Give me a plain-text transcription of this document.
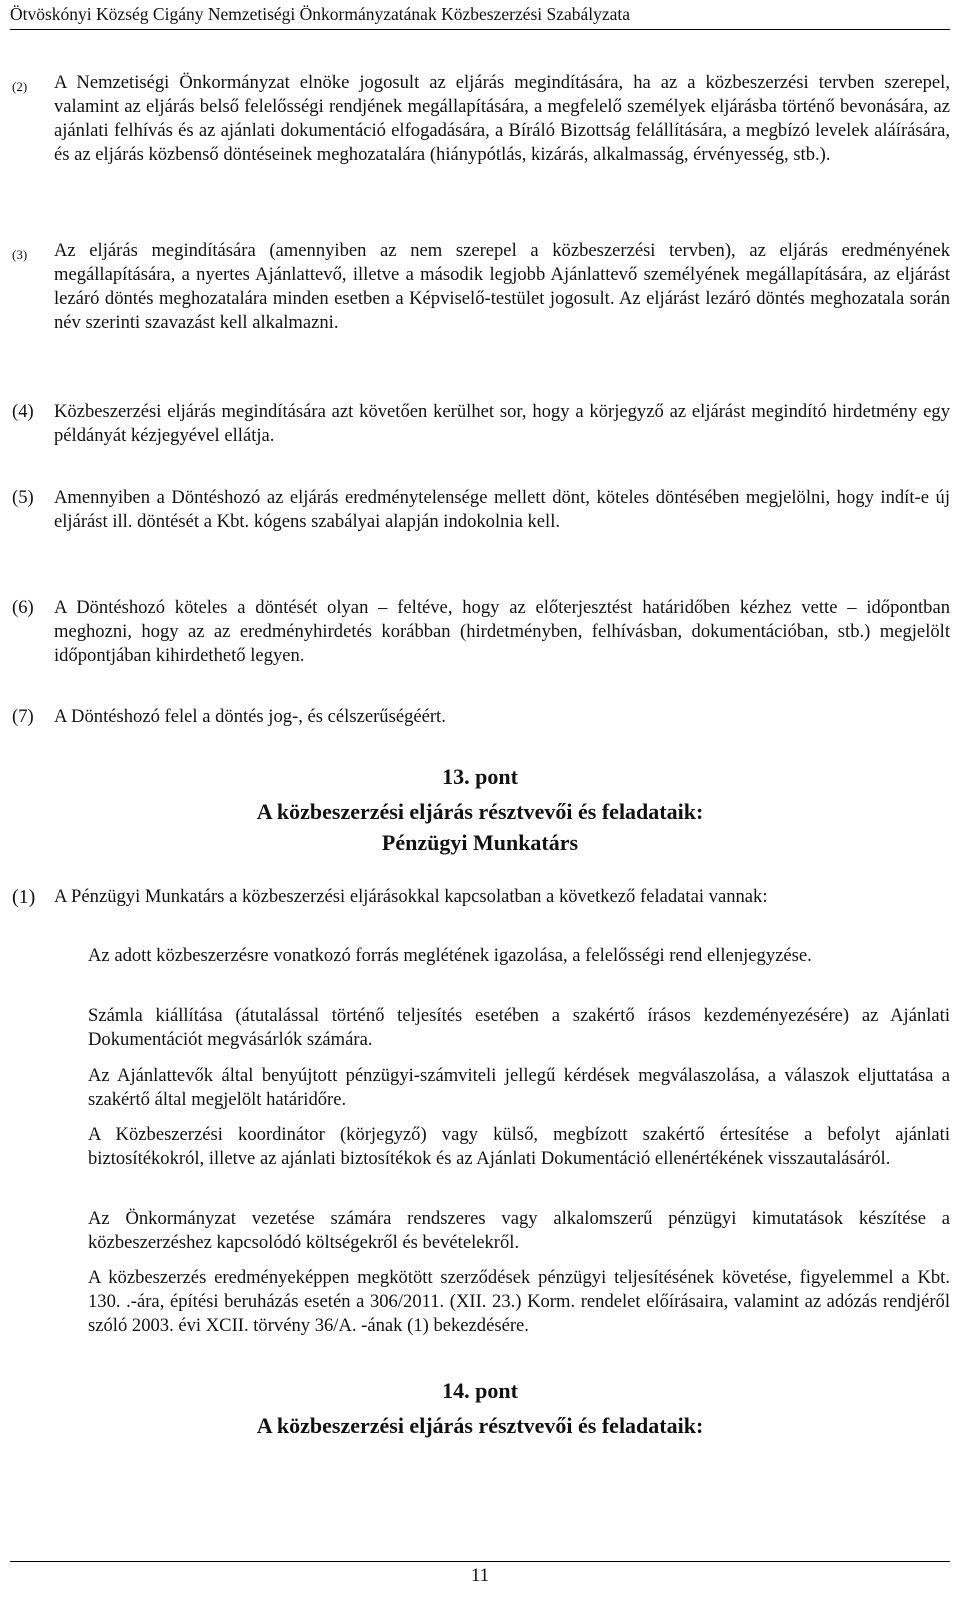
Ötvöskónyi Község Cigány Nemzetiségi Önkormányzatának Közbeszerzési Szabályzata
(2) A Nemzetiségi Önkormányzat elnöke jogosult az eljárás megindítására, ha az a közbeszerzési tervben szerepel, valamint az eljárás belső felelősségi rendjének megállapítására, a megfelelő személyek eljárásba történő bevonására, az ajánlati felhívás és az ajánlati dokumentáció elfogadására, a Bíráló Bizottság felállítására, a megbízó levelek aláírására, és az eljárás közbenső döntéseinek meghozatalára (hiánypótlás, kizárás, alkalmasság, érvényesség, stb.).
(3) Az eljárás megindítására (amennyiben az nem szerepel a közbeszerzési tervben), az eljárás eredményének megállapítására, a nyertes Ajánlattevő, illetve a második legjobb Ajánlattevő személyének megállapítására, az eljárást lezáró döntés meghozatalára minden esetben a Képviselő-testület jogosult. Az eljárást lezáró döntés meghozatala során név szerinti szavazást kell alkalmazni.
(4) Közbeszerzési eljárás megindítására azt követően kerülhet sor, hogy a körjegyző az eljárást megindító hirdetmény egy példányát kézjegyével ellátja.
(5) Amennyiben a Döntéshozó az eljárás eredménytelensége mellett dönt, köteles döntésében megjelölni, hogy indít-e új eljárást ill. döntését a Kbt. kógens szabályai alapján indokolnia kell.
(6) A Döntéshozó köteles a döntését olyan – feltéve, hogy az előterjesztést határidőben kézhez vette – időpontban meghozni, hogy az az eredményhirdetés korábban (hirdetményben, felhívásban, dokumentációban, stb.) megjelölt időpontjában kihirdethető legyen.
(7) A Döntéshozó felel a döntés jog-, és célszerűségéért.
13. pont
A közbeszerzési eljárás résztvevői és feladataik:
Pénzügyi Munkatárs
(1) A Pénzügyi Munkatárs a közbeszerzési eljárásokkal kapcsolatban a következő feladatai vannak:
Az adott közbeszerzésre vonatkozó forrás meglétének igazolása, a felelősségi rend ellenjegyzése.
Számla kiállítása (átutalással történő teljesítés esetében a szakértő írásos kezdeményezésére) az Ajánlati Dokumentációt megvásárlók számára.
Az Ajánlattevők által benyújtott pénzügyi-számviteli jellegű kérdések megválaszolása, a válaszok eljuttatása a szakértő által megjelölt határidőre.
A Közbeszerzési koordinátor (körjegyző) vagy külső, megbízott szakértő értesítése a befolyt ajánlati biztosítékokról, illetve az ajánlati biztosítékok és az Ajánlati Dokumentáció ellenértékének visszautalásáról.
Az Önkormányzat vezetése számára rendszeres vagy alkalomszerű pénzügyi kimutatások készítése a közbeszerzéshez kapcsolódó költségekről és bevételekről.
A közbeszerzés eredményeképpen megkötött szerződések pénzügyi teljesítésének követése, figyelemmel a Kbt. 130. .-ára, építési beruházás esetén a 306/2011. (XII. 23.) Korm. rendelet előírásaira, valamint az adózás rendjéről szóló 2003. évi XCII. törvény 36/A. -ának (1) bekezdésére.
14. pont
A közbeszerzési eljárás résztvevői és feladataik:
11
